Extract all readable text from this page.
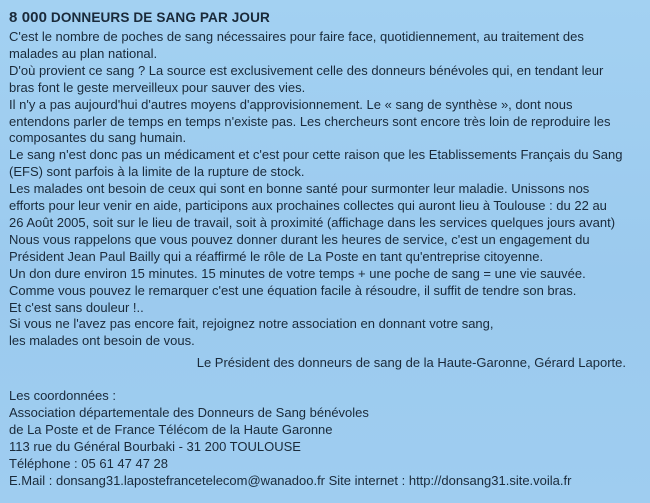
8 000 DONNEURS DE SANG PAR JOUR
C'est le nombre de poches de sang nécessaires pour faire face, quotidiennement, au traitement des
malades au plan national.
D'où provient ce sang ? La source est exclusivement celle des donneurs bénévoles qui, en tendant leur
bras font le geste merveilleux pour sauver des vies.
Il n'y a pas aujourd'hui d'autres moyens d'approvisionnement. Le « sang de synthèse », dont nous
entendons parler de temps en temps n'existe pas. Les chercheurs sont encore très loin de reproduire les
composantes du sang humain.
Le sang n'est donc pas un médicament et c'est pour cette raison que les Etablissements Français du Sang
(EFS) sont parfois à la limite de la rupture de stock.
Les malades ont besoin de ceux qui sont en bonne santé pour surmonter leur maladie. Unissons nos
efforts pour leur venir en aide, participons aux prochaines collectes qui auront lieu à Toulouse : du 22 au
26 Août 2005, soit sur le lieu de travail, soit à proximité (affichage dans les services quelques jours avant)
Nous vous rappelons que vous pouvez donner durant les heures de service, c'est un engagement du
Président Jean Paul Bailly qui a réaffirmé le rôle de La Poste en tant qu'entreprise citoyenne.
Un don dure environ 15 minutes. 15 minutes de votre temps + une poche de sang = une vie sauvée.
Comme vous pouvez le remarquer c'est une équation facile à résoudre, il suffit de tendre son bras.
Et c'est sans douleur !..
Si vous ne l'avez pas encore fait, rejoignez notre association en donnant votre sang,
les malades ont besoin de vous.
Le Président des donneurs de sang de la Haute-Garonne, Gérard Laporte.
Les coordonnées :
Association départementale des Donneurs de Sang bénévoles
de La Poste et de France Télécom de la Haute Garonne
113 rue du Général Bourbaki - 31 200 TOULOUSE
Téléphone : 05 61 47 47 28
E.Mail : donsang31.lapostefrancetelecom@wanadoo.fr Site internet : http://donsang31.site.voila.fr
